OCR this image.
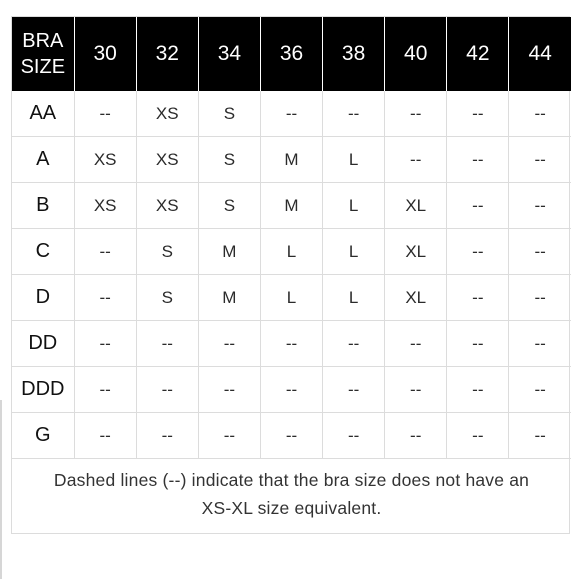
BRA
SIZE	30	32	34	36	38	40	42	44
AA	--	XS	S	--	--	--	--	--
A	XS	XS	S	M	L	--	--	--
B	XS	XS	S	M	L	XL	--	--
C	--	S	M	L	L	XL	--	--
D	--	S	M	L	L	XL	--	--
DD	--	--	--	--	--	--	--	--
DDD	--	--	--	--	--	--	--	--
G	--	--	--	--	--	--	--	--
Dashed lines (--) indicate that the bra size does not have an
XS-XL size equivalent.
